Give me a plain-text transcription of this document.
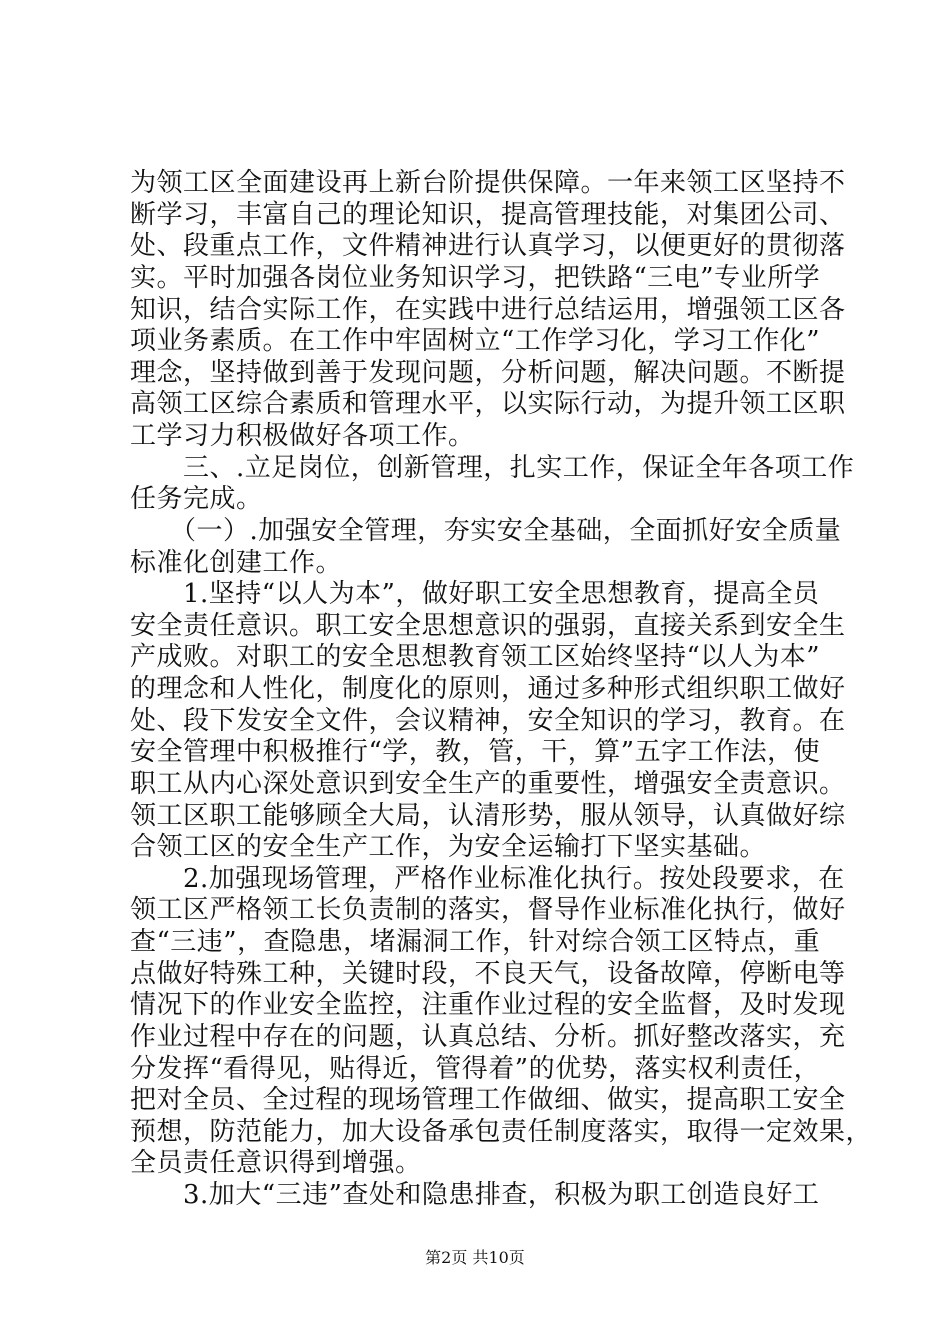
为领工区全面建设再上新台阶提供保障。一年来领工区坚持不
断学习，丰富自己的理论知识，提高管理技能，对集团公司、
处、段重点工作，文件精神进行认真学习，以便更好的贯彻落
实。平时加强各岗位业务知识学习，把铁路“三电”专业所学
知识，结合实际工作，在实践中进行总结运用，增强领工区各
项业务素质。在工作中牢固树立“工作学习化，学习工作化”
理念，坚持做到善于发现问题，分析问题，解决问题。不断提
高领工区综合素质和管理水平，以实际行动，为提升领工区职
工学习力积极做好各项工作。
　　三、.立足岗位，创新管理，扎实工作，保证全年各项工作
任务完成。
　　（一）.加强安全管理，夯实安全基础，全面抓好安全质量
标准化创建工作。
　　1.坚持“以人为本”，做好职工安全思想教育，提高全员
安全责任意识。职工安全思想意识的强弱，直接关系到安全生
产成败。对职工的安全思想教育领工区始终坚持“以人为本”
的理念和人性化，制度化的原则，通过多种形式组织职工做好
处、段下发安全文件，会议精神，安全知识的学习，教育。在
安全管理中积极推行“学，教，管，干，算”五字工作法，使
职工从内心深处意识到安全生产的重要性，增强安全责意识。
领工区职工能够顾全大局，认清形势，服从领导，认真做好综
合领工区的安全生产工作，为安全运输打下坚实基础。
　　2.加强现场管理，严格作业标准化执行。按处段要求，在
领工区严格领工长负责制的落实，督导作业标准化执行，做好
查“三违”，查隐患，堵漏洞工作，针对综合领工区特点，重
点做好特殊工种，关键时段，不良天气，设备故障，停断电等
情况下的作业安全监控，注重作业过程的安全监督，及时发现
作业过程中存在的问题，认真总结、分析。抓好整改落实，充
分发挥“看得见，贴得近，管得着”的优势，落实权利责任，
把对全员、全过程的现场管理工作做细、做实，提高职工安全
预想，防范能力，加大设备承包责任制度落实，取得一定效果，
全员责任意识得到增强。
　　3.加大“三违”查处和隐患排查，积极为职工创造良好工
第2页 共10页
